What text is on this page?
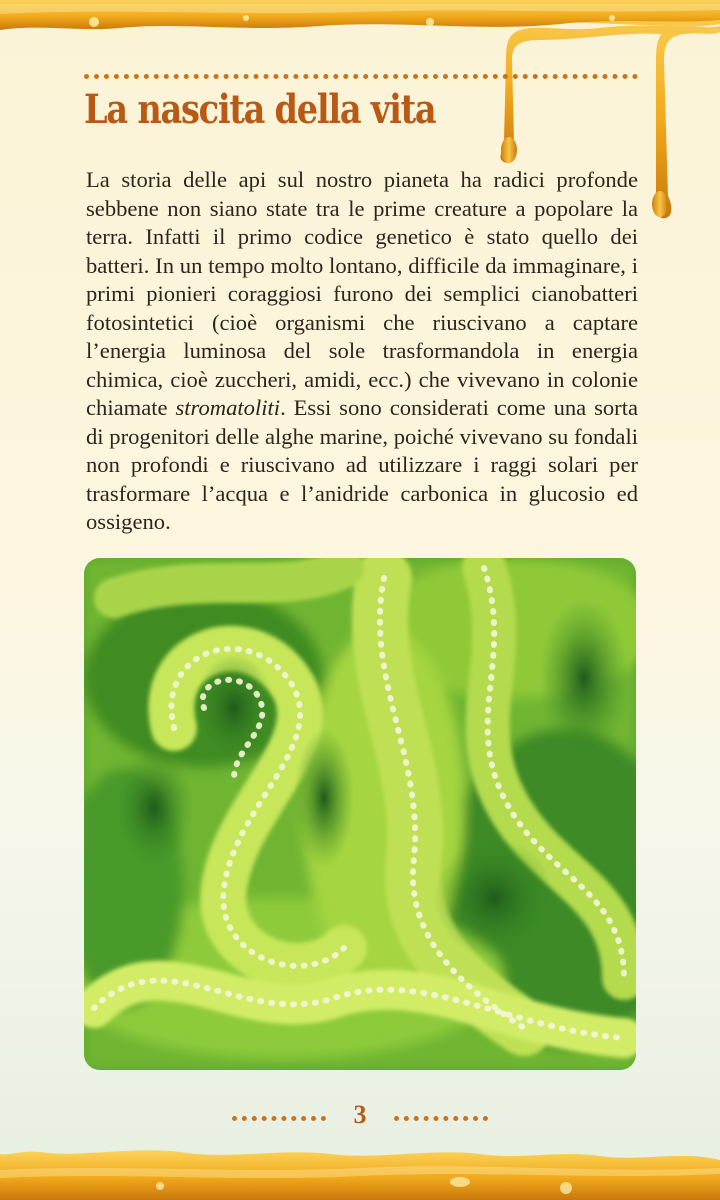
La nascita della vita

La storia delle api sul nostro pianeta ha radici profonde sebbene non siano state tra le prime creature a popolare la terra. Infatti il primo codice genetico è stato quello dei batteri. In un tempo molto lontano, difficile da immaginare, i primi pionieri coraggiosi furono dei semplici cianobatteri fotosintetici (cioè organismi che riuscivano a captare l’energia luminosa del sole trasformandola in energia chimica, cioè zuccheri, amidi, ecc.) che vivevano in colonie chiamate stromatoliti. Essi sono considerati come una sorta di progenitori delle alghe marine, poiché vivevano su fondali non profondi e riuscivano ad utilizzare i raggi solari per trasformare l’acqua e l’anidride carbonica in glucosio ed ossigeno.

3
